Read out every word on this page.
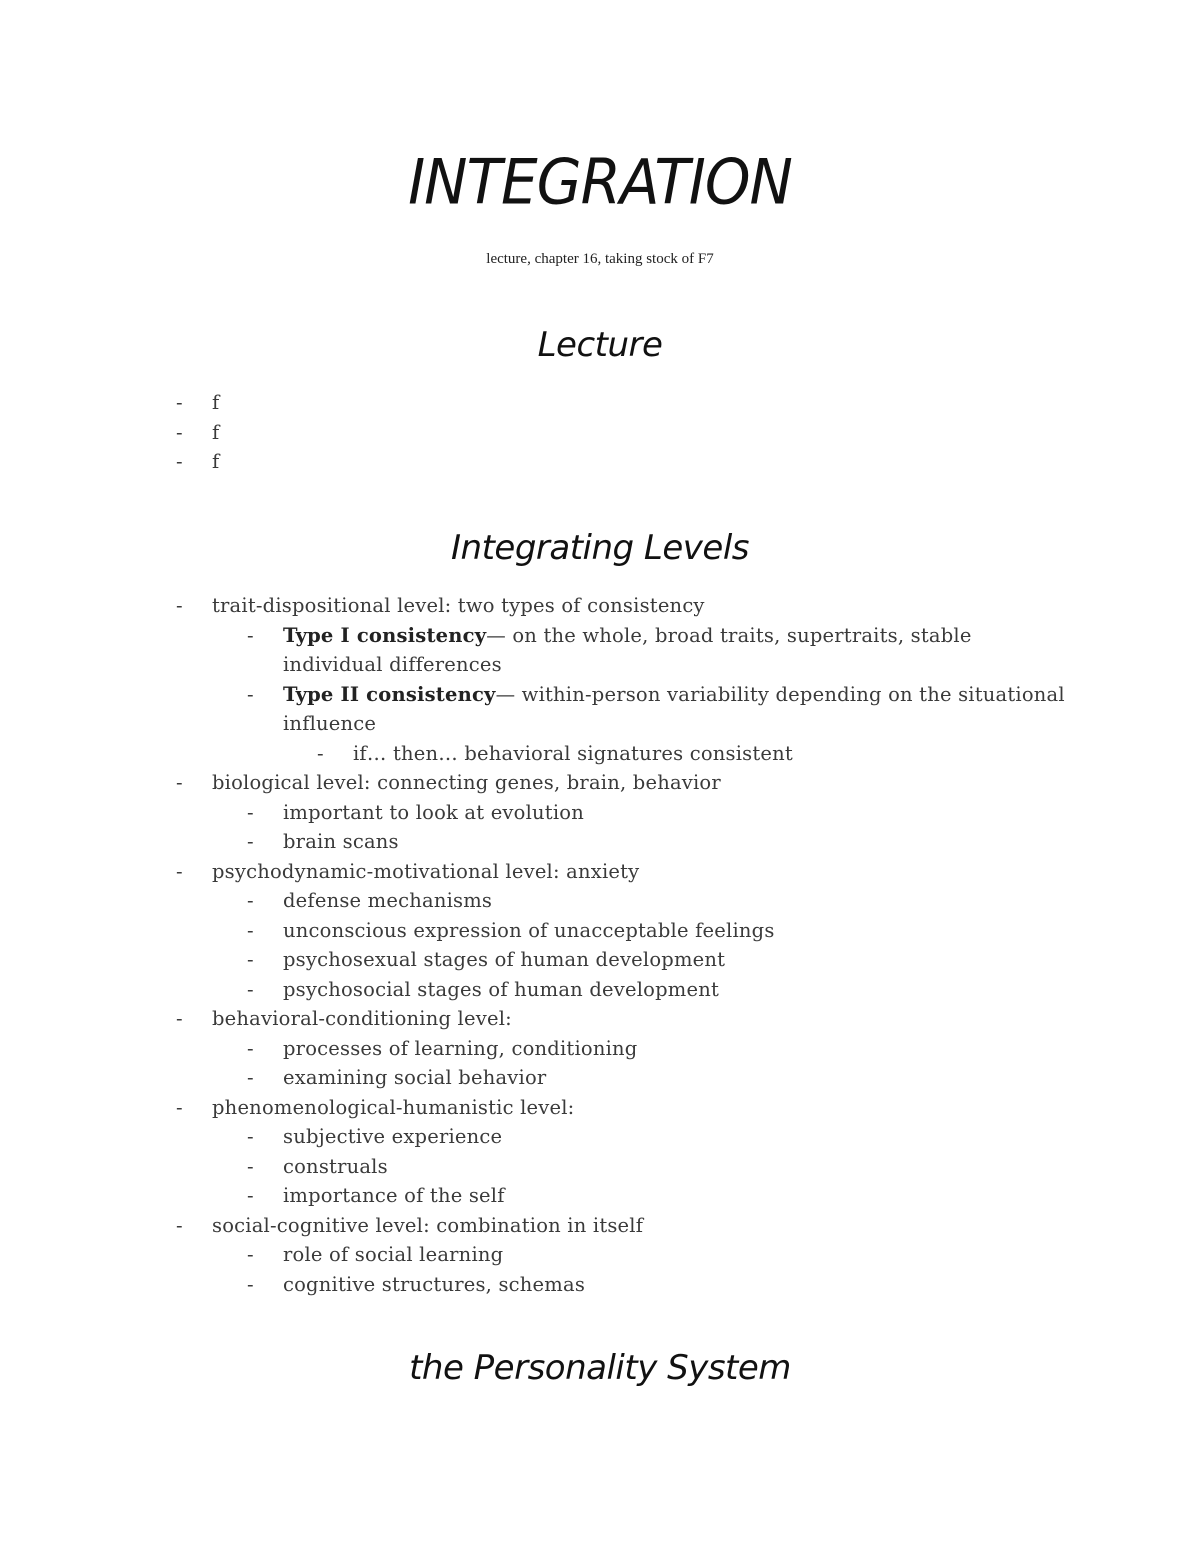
INTEGRATION
lecture, chapter 16, taking stock of F7
Lecture
- f
- f
- f
Integrating Levels
- trait-dispositional level: two types of consistency
- Type I consistency— on the whole, broad traits, supertraits, stable individual differences
- Type II consistency— within-person variability depending on the situational influence
- if… then… behavioral signatures consistent
- biological level: connecting genes, brain, behavior
- important to look at evolution
- brain scans
- psychodynamic-motivational level: anxiety
- defense mechanisms
- unconscious expression of unacceptable feelings
- psychosexual stages of human development
- psychosocial stages of human development
- behavioral-conditioning level:
- processes of learning, conditioning
- examining social behavior
- phenomenological-humanistic level:
- subjective experience
- construals
- importance of the self
- social-cognitive level: combination in itself
- role of social learning
- cognitive structures, schemas
the Personality System
